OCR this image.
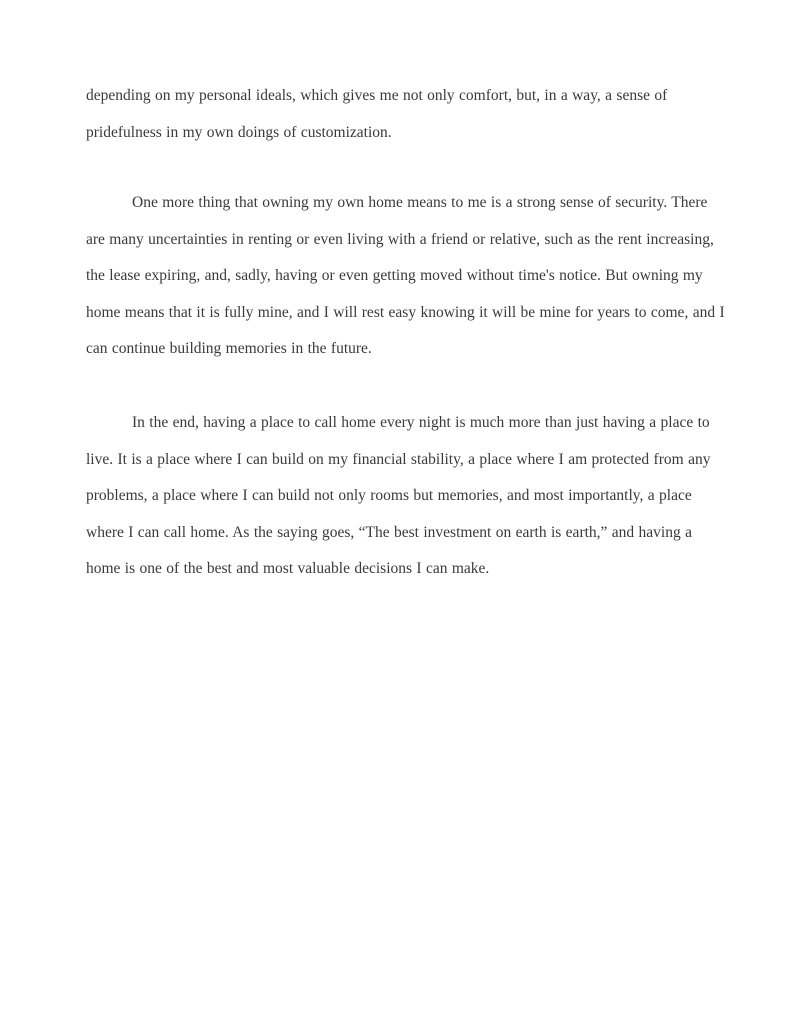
depending on my personal ideals, which gives me not only comfort, but, in a way, a sense of pridefulness in my own doings of customization.

One more thing that owning my own home means to me is a strong sense of security. There are many uncertainties in renting or even living with a friend or relative, such as the rent increasing, the lease expiring, and, sadly, having or even getting moved without time's notice. But owning my home means that it is fully mine, and I will rest easy knowing it will be mine for years to come, and I can continue building memories in the future.

In the end, having a place to call home every night is much more than just having a place to live. It is a place where I can build on my financial stability, a place where I am protected from any problems, a place where I can build not only rooms but memories, and most importantly, a place where I can call home. As the saying goes, “The best investment on earth is earth,” and having a home is one of the best and most valuable decisions I can make.
